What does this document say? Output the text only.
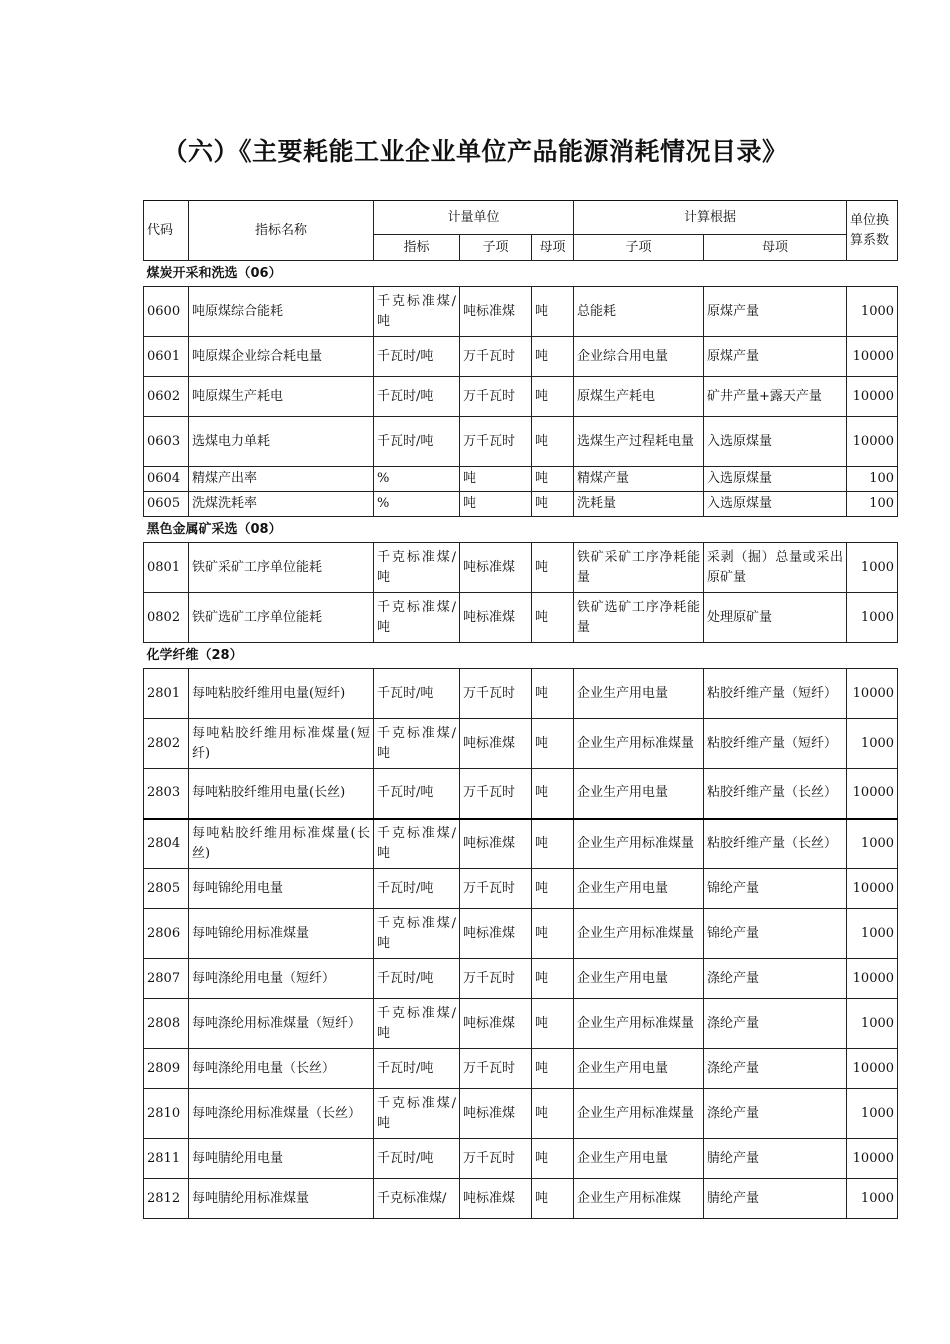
（六）《主要耗能工业企业单位产品能源消耗情况目录》
代码	指标名称	计量单位			计算根据		单位换算系数
		指标	子项	母项	子项	母项	
煤炭开采和洗选（06）							
0600	吨原煤综合能耗	千克标准煤/吨	吨标准煤	吨	总能耗	原煤产量	1000
0601	吨原煤企业综合耗电量	千瓦时/吨	万千瓦时	吨	企业综合用电量	原煤产量	10000
0602	吨原煤生产耗电	千瓦时/吨	万千瓦时	吨	原煤生产耗电	矿井产量+露天产量	10000
0603	选煤电力单耗	千瓦时/吨	万千瓦时	吨	选煤生产过程耗电量	入选原煤量	10000
0604	精煤产出率	%	吨	吨	精煤产量	入选原煤量	100
0605	洗煤洗耗率	%	吨	吨	洗耗量	入选原煤量	100
黑色金属矿采选（08）							
0801	铁矿采矿工序单位能耗	千克标准煤/吨	吨标准煤	吨	铁矿采矿工序净耗能量	采剥（掘）总量或采出原矿量	1000
0802	铁矿选矿工序单位能耗	千克标准煤/吨	吨标准煤	吨	铁矿选矿工序净耗能量	处理原矿量	1000
化学纤维（28）							
2801	每吨粘胶纤维用电量(短纤)	千瓦时/吨	万千瓦时	吨	企业生产用电量	粘胶纤维产量（短纤）	10000
2802	每吨粘胶纤维用标准煤量(短纤)	千克标准煤/吨	吨标准煤	吨	企业生产用标准煤量	粘胶纤维产量（短纤）	1000
2803	每吨粘胶纤维用电量(长丝)	千瓦时/吨	万千瓦时	吨	企业生产用电量	粘胶纤维产量（长丝）	10000
2804	每吨粘胶纤维用标准煤量(长丝)	千克标准煤/吨	吨标准煤	吨	企业生产用标准煤量	粘胶纤维产量（长丝）	1000
2805	每吨锦纶用电量	千瓦时/吨	万千瓦时	吨	企业生产用电量	锦纶产量	10000
2806	每吨锦纶用标准煤量	千克标准煤/吨	吨标准煤	吨	企业生产用标准煤量	锦纶产量	1000
2807	每吨涤纶用电量（短纤）	千瓦时/吨	万千瓦时	吨	企业生产用电量	涤纶产量	10000
2808	每吨涤纶用标准煤量（短纤）	千克标准煤/吨	吨标准煤	吨	企业生产用标准煤量	涤纶产量	1000
2809	每吨涤纶用电量（长丝）	千瓦时/吨	万千瓦时	吨	企业生产用电量	涤纶产量	10000
2810	每吨涤纶用标准煤量（长丝）	千克标准煤/吨	吨标准煤	吨	企业生产用标准煤量	涤纶产量	1000
2811	每吨腈纶用电量	千瓦时/吨	万千瓦时	吨	企业生产用电量	腈纶产量	10000
2812	每吨腈纶用标准煤量	千克标准煤/	吨标准煤	吨	企业生产用标准煤	腈纶产量	1000
